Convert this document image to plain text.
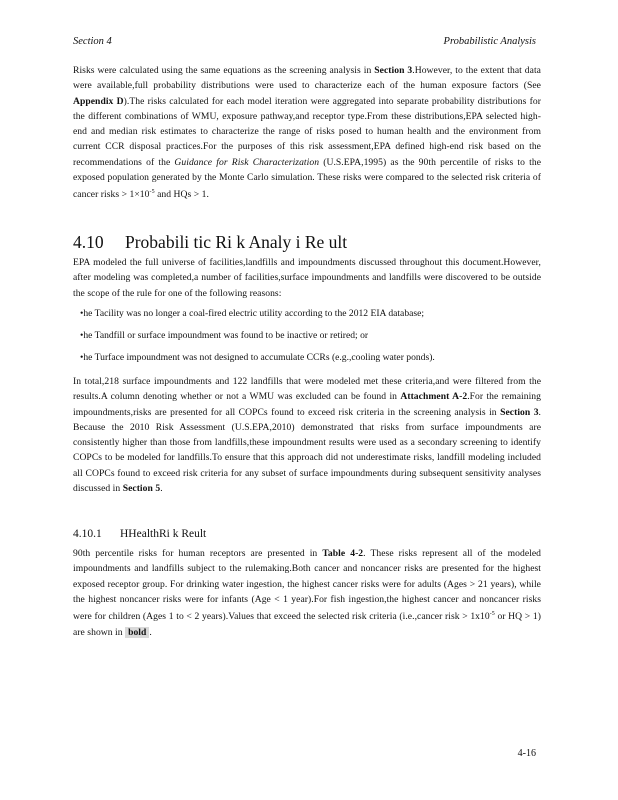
Section 4	Probabilistic Analysis

Risks were calculated using the same equations as the screening analysis in Section 3.However, to the extent that data were available,full probability distributions were used to characterize each of the human exposure factors (See Appendix D).The risks calculated for each model iteration were aggregated into separate probability distributions for the different combinations of WMU, exposure pathway,and receptor type.From these distributions,EPA selected high-end and median risk estimates to characterize the range of risks posed to human health and the environment from current CCR disposal practices.For the purposes of this risk assessment,EPA defined high-end risk based on the recommendations of the Guidance for Risk Characterization (U.S.EPA,1995) as the 90th percentile of risks to the exposed population generated by the Monte Carlo simulation. These risks were compared to the selected risk criteria of cancer risks > $1\times 10^{-5}$ and HQs > 1.

4.10 Probabili tic Ri k Analy i Re ult
EPA modeled the full universe of facilities,landfills and impoundments discussed throughout this document.However, after modeling was completed,a number of facilities,surface impoundments and landfills were discovered to be outside the scope of the rule for one of the following reasons:
•he Tacility was no longer a coal-fired electric utility according to the 2012 EIA database;
•he Tandfill or surface impoundment was found to be inactive or retired; or
•he Turface impoundment was not designed to accumulate CCRs (e.g.,cooling water ponds).

In total,218 surface impoundments and 122 landfills that were modeled met these criteria,and were filtered from the results.A column denoting whether or not a WMU was excluded can be found in Attachment A-2.For the remaining impoundments,risks are presented for all COPCs found to exceed risk criteria in the screening analysis in Section 3. Because the 2010 Risk Assessment (U.S.EPA,2010) demonstrated that risks from surface impoundments are consistently higher than those from landfills,these impoundment results were used as a secondary screening to identify COPCs to be modeled for landfills.To ensure that this approach did not underestimate risks, landfill modeling included all COPCs found to exceed risk criteria for any subset of surface impoundments during subsequent sensitivity analyses discussed in Section 5.

4.10.1 HHealthRi k Reult

90th percentile risks for human receptors are presented in Table 4-2. These risks represent all of the modeled impoundments and landfills subject to the rulemaking.Both cancer and noncancer risks are presented for the highest exposed receptor group. For drinking water ingestion, the highest cancer risks were for adults (Ages > 21 years), while the highest noncancer risks were for infants (Age < 1 year).For fish ingestion,the highest cancer and noncancer risks were for children (Ages 1 to < 2 years).Values that exceed the selected risk criteria (i.e.,cancer risk > $1x10^{-5}$ or HQ > 1) are shown in bold .

4-16
